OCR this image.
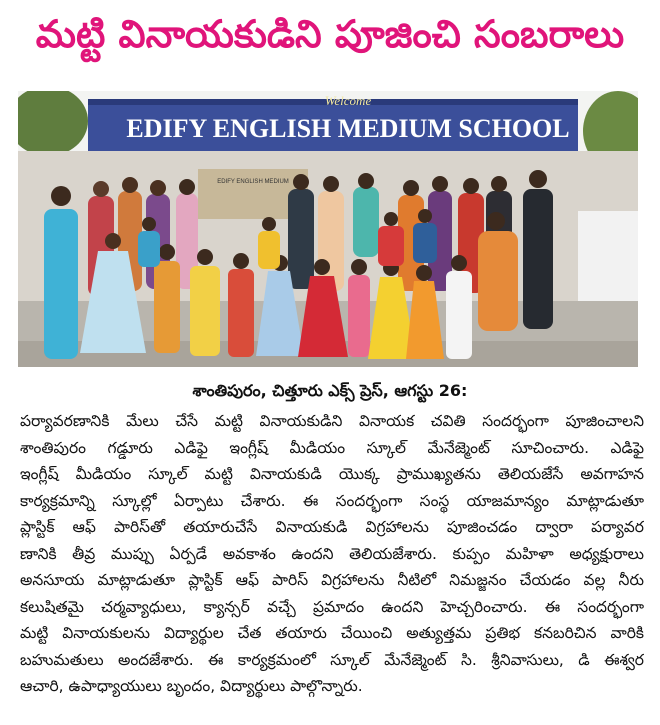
మట్టి వినాయకుడిని పూజించి సంబరాలు
Welcome
EDIFY ENGLISH MEDIUM SCHOOL
EDIFY ENGLISH MEDIUM
శాంతిపురం, చిత్తూరు ఎక్స్ ప్రెస్, ఆగస్టు 26:
పర్యావరణానికి మేలు చేసే మట్టి వినాయకుడిని వినాయక చవితి సందర్భంగా పూజించాలని
శాంతిపురం గడ్డూరు ఎడిఫై ఇంగ్లీష్ మీడియం స్కూల్ మేనేజ్మెంట్ సూచించారు. ఎడిఫై
ఇంగ్లీష్ మీడియం స్కూల్ మట్టి వినాయకుడి యొక్క ప్రాముఖ్యతను తెలియజేసే అవగాహన
కార్యక్రమాన్ని స్కూల్లో ఏర్పాటు చేశారు. ఈ సందర్భంగా సంస్థ యాజమాన్యం మాట్లాడుతూ
ప్లాస్టిక్ ఆఫ్ పారిస్‌తో తయారుచేసే వినాయకుడి విగ్రహాలను పూజించడం ద్వారా పర్యావర
ణానికి తీవ్ర ముప్పు ఏర్పడే అవకాశం ఉందని తెలియజేశారు. కుప్పం మహిళా అధ్యక్షురాలు
అనసూయ మాట్లాడుతూ ప్లాస్టిక్ ఆఫ్ పారిస్ విగ్రహాలను నీటిలో నిమజ్జనం చేయడం వల్ల నీరు
కలుషితమై చర్మవ్యాధులు, క్యాన్సర్ వచ్చే ప్రమాదం ఉందని హెచ్చరించారు. ఈ సందర్భంగా
మట్టి వినాయకులను విద్యార్థుల చేత తయారు చేయించి అత్యుత్తమ ప్రతిభ కనబరిచిన వారికి
బహుమతులు అందజేశారు. ఈ కార్యక్రమంలో స్కూల్ మేనేజ్మెంట్ సి. శ్రీనివాసులు, డి ఈశ్వర
ఆచారి, ఉపాధ్యాయులు బృందం, విద్యార్థులు పాల్గొన్నారు.
